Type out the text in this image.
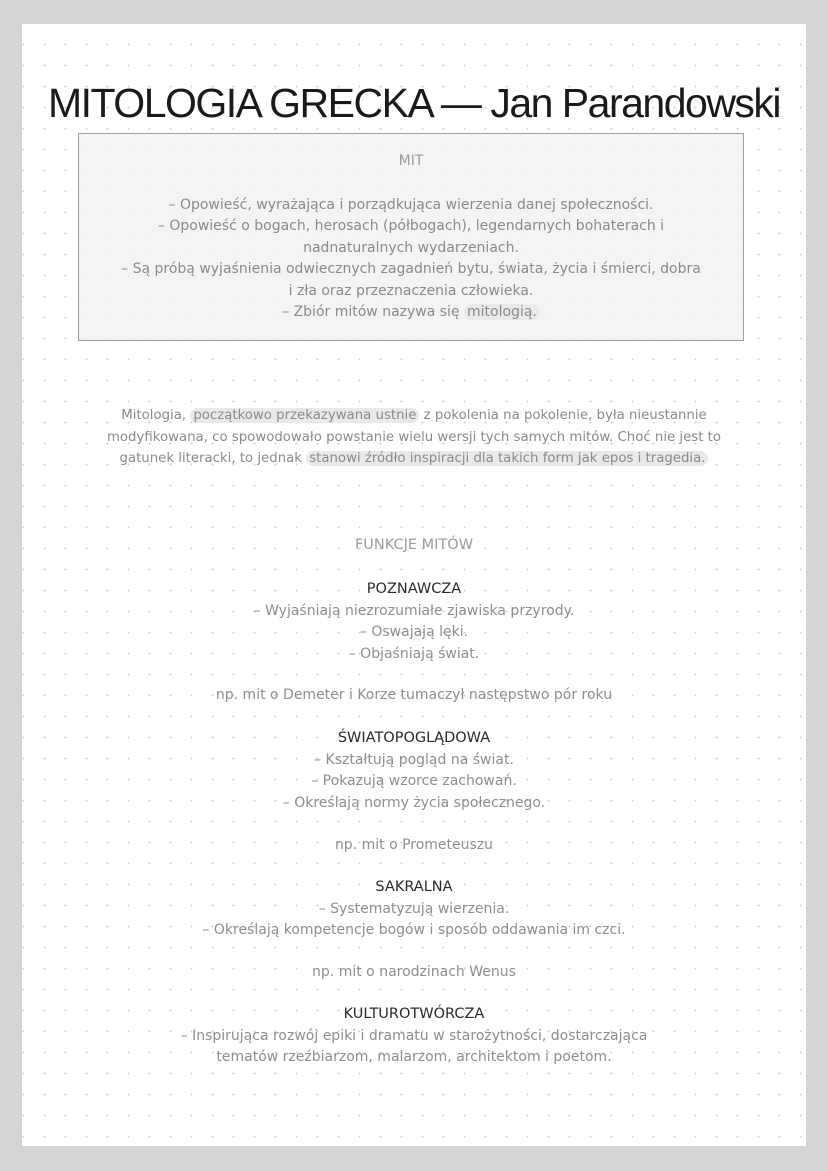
MITOLOGIA GRECKA — Jan Parandowski
MIT
– Opowieść, wyrażająca i porządkująca wierzenia danej społeczności.
– Opowieść o bogach, herosach (półbogach), legendarnych bohaterach i
nadnaturalnych wydarzeniach.
– Są próbą wyjaśnienia odwiecznych zagadnień bytu, świata, życia i śmierci, dobra
i zła oraz przeznaczenia człowieka.
– Zbiór mitów nazywa się mitologią.

Mitologia, początkowo przekazywana ustnie z pokolenia na pokolenie, była nieustannie modyfikowana, co spowodowało powstanie wielu wersji tych samych mitów. Choć nie jest to gatunek literacki, to jednak stanowi źródło inspiracji dla takich form jak epos i tragedia.

FUNKCJE MITÓW
POZNAWCZA
– Wyjaśniają niezrozumiałe zjawiska przyrody.
– Oswajają lęki.
– Objaśniają świat.

np. mit o Demeter i Korze tumaczył następstwo pór roku

ŚWIATOPOGLĄDOWA
– Kształtują pogląd na świat.
– Pokazują wzorce zachowań.
– Określają normy życia społecznego.

np. mit o Prometeuszu

SAKRALNA
– Systematyzują wierzenia.
– Określają kompetencje bogów i sposób oddawania im czci.

np. mit o narodzinach Wenus

KULTUROTWÓRCZA
– Inspirująca rozwój epiki i dramatu w starożytności, dostarczająca
tematów rzeźbiarzom, malarzom, architektom i poetom.
